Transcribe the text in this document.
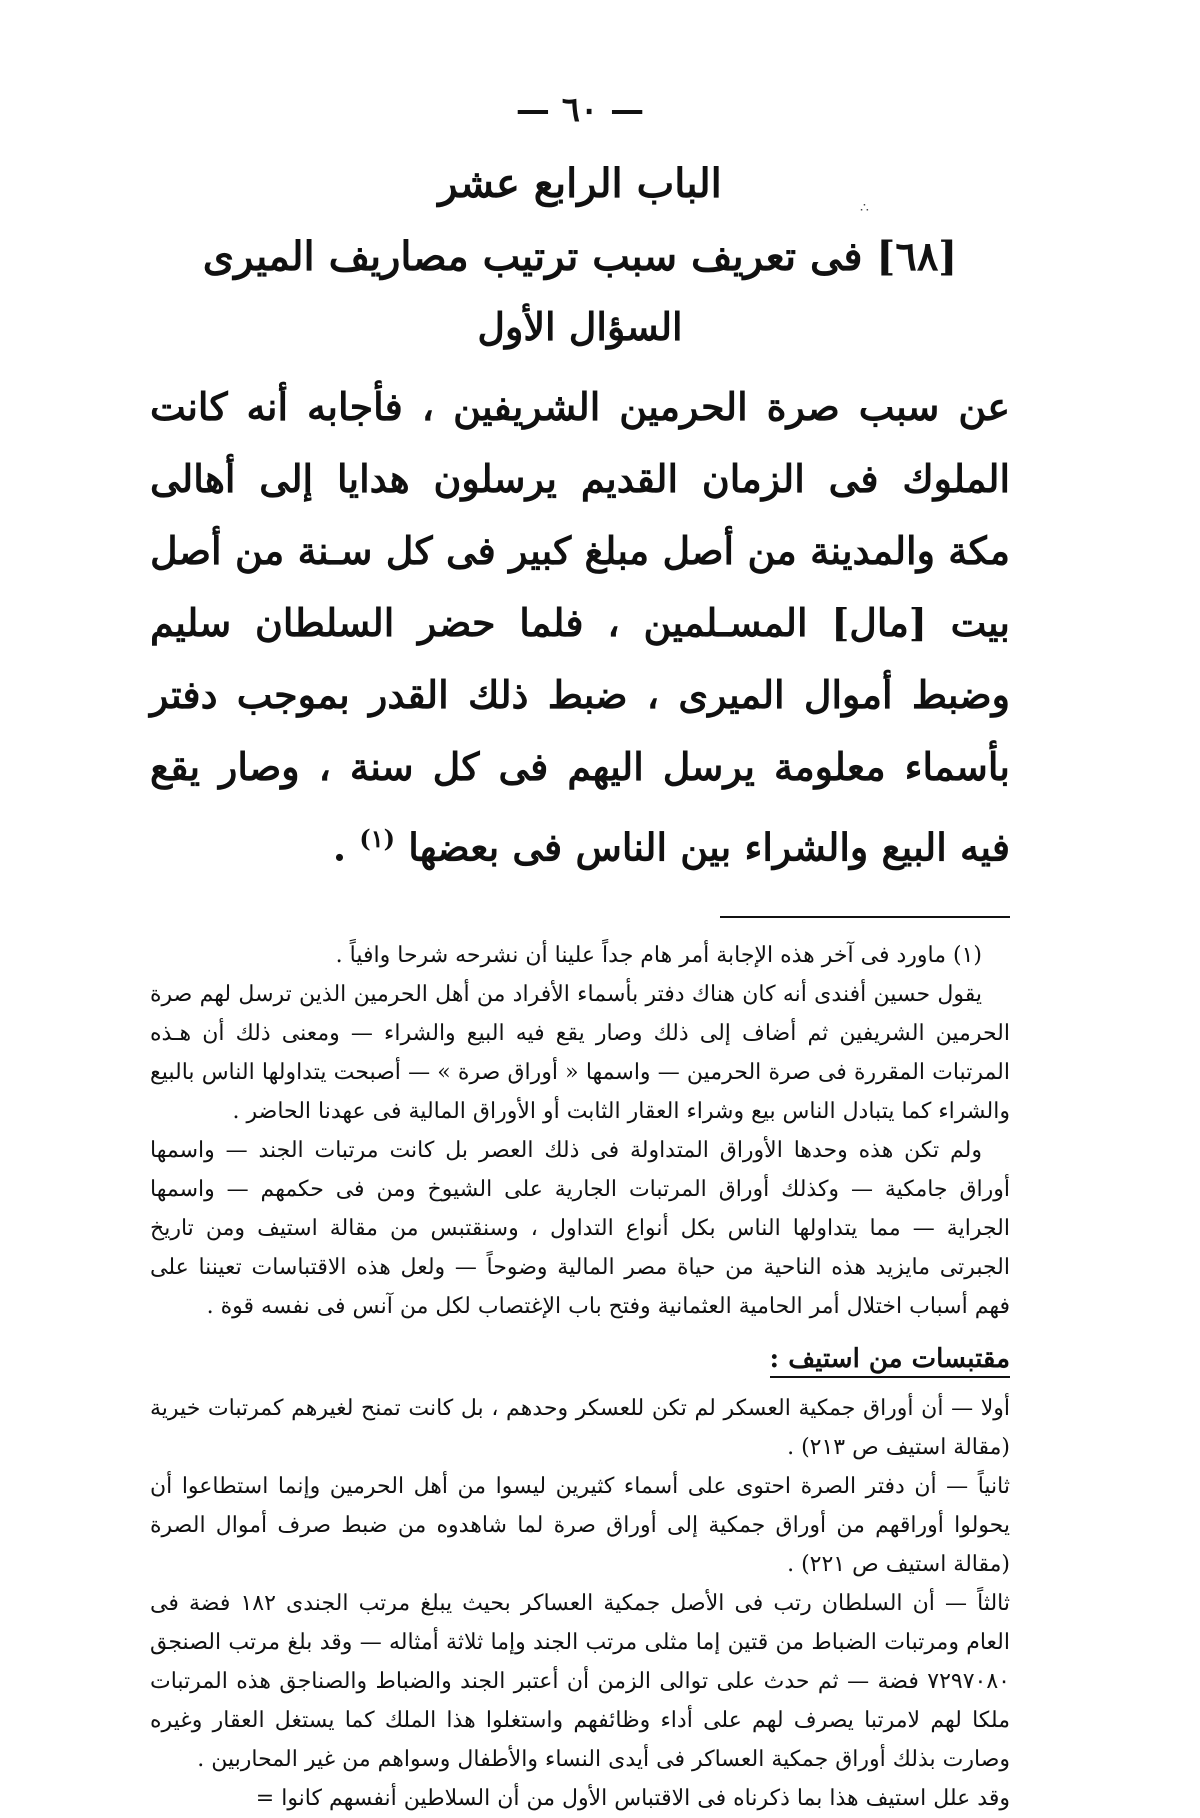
∴
— ٦٠ —
الباب الرابع عشر
[٦٨] فى تعريف سبب ترتيب مصاريف الميرى
السؤال الأول

عن سبب صرة الحرمين الشريفين ، فأجابه أنه كانت الملوك فى الزمان القديم يرسلون هدايا إلى أهالى مكة والمدينة من أصل مبلغ كبير فى كل سـنة من أصل بيت [مال] المسـلمين ، فلما حضر السلطان سليم وضبط أموال الميرى ، ضبط ذلك القدر بموجب دفتر بأسماء معلومة يرسل اليهم فى كل سنة ، وصار يقع فيه البيع والشراء بين الناس فى بعضها $^{(١)}$ .

(١) ماورد فى آخر هذه الإجابة أمر هام جداً علينا أن نشرحه شرحا وافياً .

يقول حسين أفندى أنه كان هناك دفتر بأسماء الأفراد من أهل الحرمين الذين ترسل لهم صرة الحرمين الشريفين ثم أضاف إلى ذلك وصار يقع فيه البيع والشراء — ومعنى ذلك أن هـذه المرتبات المقررة فى صرة الحرمين — واسمها « أوراق صرة » — أصبحت يتداولها الناس بالبيع والشراء كما يتبادل الناس بيع وشراء العقار الثابت أو الأوراق المالية فى عهدنا الحاضر .

ولم تكن هذه وحدها الأوراق المتداولة فى ذلك العصر بل كانت مرتبات الجند — واسمها أوراق جامكية — وكذلك أوراق المرتبات الجارية على الشيوخ ومن فى حكمهم — واسمها الجراية — مما يتداولها الناس بكل أنواع التداول ، وسنقتبس من مقالة استيف ومن تاريخ الجبرتى مايزيد هذه الناحية من حياة مصر المالية وضوحاً — ولعل هذه الاقتباسات تعيننا على فهم أسباب اختلال أمر الحامية العثمانية وفتح باب الإغتصاب لكل من آنس فى نفسه قوة .

مقتبسات من استيف :

أولا — أن أوراق جمكية العسكر لم تكن للعسكر وحدهم ، بل كانت تمنح لغيرهم كمرتبات خيرية (مقالة استيف ص ٢١٣) .

ثانياً — أن دفتر الصرة احتوى على أسماء كثيرين ليسوا من أهل الحرمين وإنما استطاعوا أن يحولوا أوراقهم من أوراق جمكية إلى أوراق صرة لما شاهدوه من ضبط صرف أموال الصرة (مقالة استيف ص ٢٢١) .

ثالثاً — أن السلطان رتب فى الأصل جمكية العساكر بحيث يبلغ مرتب الجندى ١٨٢ فضة فى العام ومرتبات الضباط من قتين إما مثلى مرتب الجند وإما ثلاثة أمثاله — وقد بلغ مرتب الصنجق ٧٢٩٧٠٨٠ فضة — ثم حدث على توالى الزمن أن أعتبر الجند والضباط والصناجق هذه المرتبات ملكا لهم لامرتبا يصرف لهم على أداء وظائفهم واستغلوا هذا الملك كما يستغل العقار وغيره وصارت بذلك أوراق جمكية العساكر فى أيدى النساء والأطفال وسواهم من غير المحاربين .

وقد علل استيف هذا بما ذكرناه فى الاقتباس الأول من أن السلاطين أنفسهم كانوا =
